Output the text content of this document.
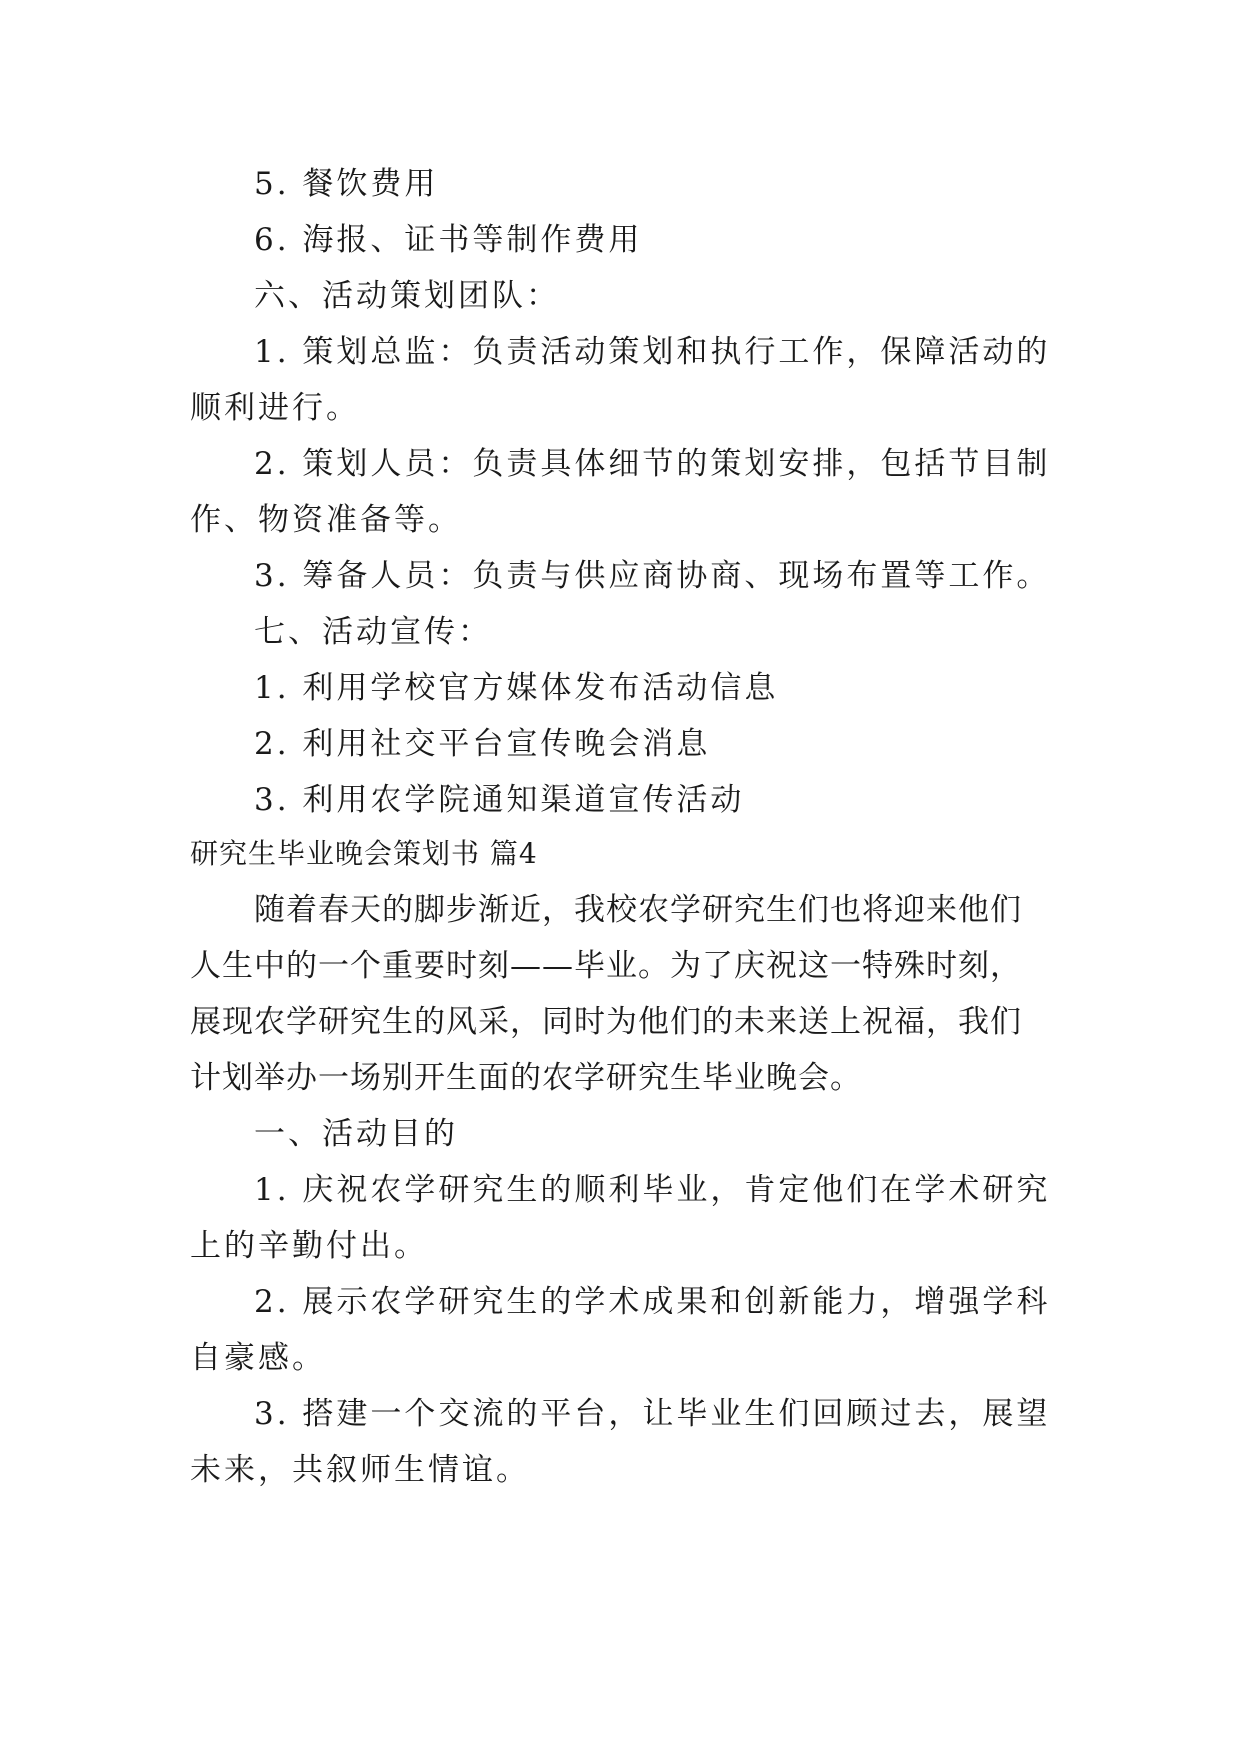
5. 餐饮费用
6. 海报、证书等制作费用
六、活动策划团队：
1. 策划总监：负责活动策划和执行工作，保障活动的
顺利进行。
2. 策划人员：负责具体细节的策划安排，包括节目制
作、物资准备等。
3. 筹备人员：负责与供应商协商、现场布置等工作。
七、活动宣传：
1. 利用学校官方媒体发布活动信息
2. 利用社交平台宣传晚会消息
3. 利用农学院通知渠道宣传活动
研究生毕业晚会策划书 篇4
随着春天的脚步渐近，我校农学研究生们也将迎来他们
人生中的一个重要时刻——毕业。为了庆祝这一特殊时刻，
展现农学研究生的风采，同时为他们的未来送上祝福，我们
计划举办一场别开生面的农学研究生毕业晚会。
一、活动目的
1. 庆祝农学研究生的顺利毕业，肯定他们在学术研究
上的辛勤付出。
2. 展示农学研究生的学术成果和创新能力，增强学科
自豪感。
3. 搭建一个交流的平台，让毕业生们回顾过去，展望
未来，共叙师生情谊。
